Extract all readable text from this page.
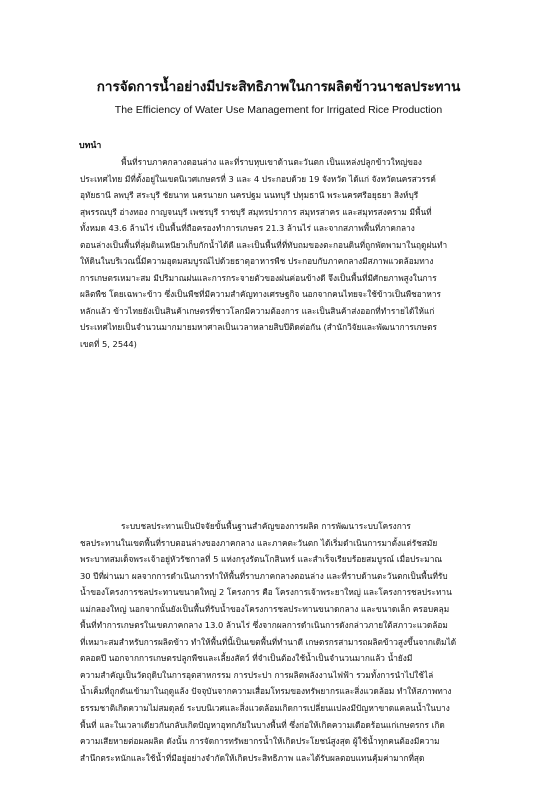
การจัดการน้ำอย่างมีประสิทธิภาพในการผลิตข้าวนาชลประทาน
The Efficiency of Water Use Management for Irrigated Rice Production
บทนำ
พื้นที่ราบภาคกลางตอนล่าง และที่ราบหุบเขาด้านตะวันตก เป็นแหล่งปลูกข้าวใหญ่ของ
ประเทศไทย มีที่ตั้งอยู่ในเขตนิเวศเกษตรที่ 3 และ 4 ประกอบด้วย 19 จังหวัด ได้แก่ จังหวัดนครสวรรค์
อุทัยธานี ลพบุรี สระบุรี ชัยนาท นครนายก นครปฐม นนทบุรี ปทุมธานี พระนครศรีอยุธยา สิงห์บุรี
สุพรรณบุรี อ่างทอง กาญจนบุรี เพชรบุรี ราชบุรี สมุทรปราการ สมุทรสาคร และสมุทรสงคราม มีพื้นที่
ทั้งหมด 43.6 ล้านไร่ เป็นพื้นที่ถือครองทำการเกษตร 21.3 ล้านไร่ และจากสภาพพื้นที่ภาคกลาง
ตอนล่างเป็นพื้นที่ลุ่มดินเหนียวเก็บกักน้ำได้ดี และเป็นพื้นที่ที่ทับถมของตะกอนดินที่ถูกพัดพามาในฤดูฝนทำ
ให้ดินในบริเวณนี้มีความอุดมสมบูรณ์ไปด้วยธาตุอาหารพืช ประกอบกับภาคกลางมีสภาพแวดล้อมทาง
การเกษตรเหมาะสม มีปริมาณฝนและการกระจายตัวของฝนค่อนข้างดี จึงเป็นพื้นที่มีศักยภาพสูงในการ
ผลิตพืช โดยเฉพาะข้าว ซึ่งเป็นพืชที่มีความสำคัญทางเศรษฐกิจ นอกจากคนไทยจะใช้ข้าวเป็นพืชอาหาร
หลักแล้ว ข้าวไทยยังเป็นสินค้าเกษตรที่ชาวโลกมีความต้องการ และเป็นสินค้าส่งออกที่ทำรายได้ให้แก่
ประเทศไทยเป็นจำนวนมากมายมหาศาลเป็นเวลาหลายสิบปีติดต่อกัน (สำนักวิจัยและพัฒนาการเกษตร
เขตที่ 5, 2544)
ระบบชลประทานเป็นปัจจัยขั้นพื้นฐานสำคัญของการผลิต การพัฒนาระบบโครงการ
ชลประทานในเขตพื้นที่ราบตอนล่างของภาคกลาง และภาคตะวันตก ได้เริ่มดำเนินการมาตั้งแต่รัชสมัย
พระบาทสมเด็จพระเจ้าอยู่หัวรัชกาลที่ 5 แห่งกรุงรัตนโกสินทร์ และสำเร็จเรียบร้อยสมบูรณ์ เมื่อประมาณ
30 ปีที่ผ่านมา ผลจากการดำเนินการทำให้พื้นที่ราบภาคกลางตอนล่าง และที่ราบด้านตะวันตกเป็นพื้นที่รับ
น้ำของโครงการชลประทานขนาดใหญ่ 2 โครงการ คือ โครงการเจ้าพระยาใหญ่ และโครงการชลประทาน
แม่กลองใหญ่ นอกจากนั้นยังเป็นพื้นที่รับน้ำของโครงการชลประทานขนาดกลาง และขนาดเล็ก ครอบคลุม
พื้นที่ทำการเกษตรในเขตภาคกลาง 13.0 ล้านไร่ ซึ่งจากผลการดำเนินการดังกล่าวภายใต้สภาวะแวดล้อม
ที่เหมาะสมสำหรับการผลิตข้าว ทำให้พื้นที่นี้เป็นเขตพื้นที่ทำนาดี เกษตรกรสามารถผลิตข้าวสูงขึ้นจากเดิมได้
ตลอดปี นอกจากการเกษตรปลูกพืชและเลี้ยงสัตว์ ที่จำเป็นต้องใช้น้ำเป็นจำนวนมากแล้ว น้ำยังมี
ความสำคัญเป็นวัตถุดิบในการอุตสาหกรรม การประปา การผลิตพลังงานไฟฟ้า รวมทั้งการนำไปใช้ไล่
น้ำเค็มที่ถูกดันเข้ามาในฤดูแล้ง ปัจจุบันจากความเสื่อมโทรมของทรัพยากรและสิ่งแวดล้อม ทำให้สภาพทาง
ธรรมชาติเกิดความไม่สมดุลย์ ระบบนิเวศและสิ่งแวดล้อมเกิดการเปลี่ยนแปลงมีปัญหาขาดแคลนน้ำในบาง
พื้นที่ และในเวลาเดียวกันกลับเกิดปัญหาอุทกภัยในบางพื้นที่ ซึ่งก่อให้เกิดความเดือดร้อนแก่เกษตรกร เกิด
ความเสียหายต่อผลผลิต ดังนั้น การจัดการทรัพยากรน้ำให้เกิดประโยชน์สูงสุด ผู้ใช้น้ำทุกคนต้องมีความ
สำนึกตระหนักและใช้น้ำที่มีอยู่อย่างจำกัดให้เกิดประสิทธิภาพ และได้รับผลตอบแทนคุ้มค่ามากที่สุด
